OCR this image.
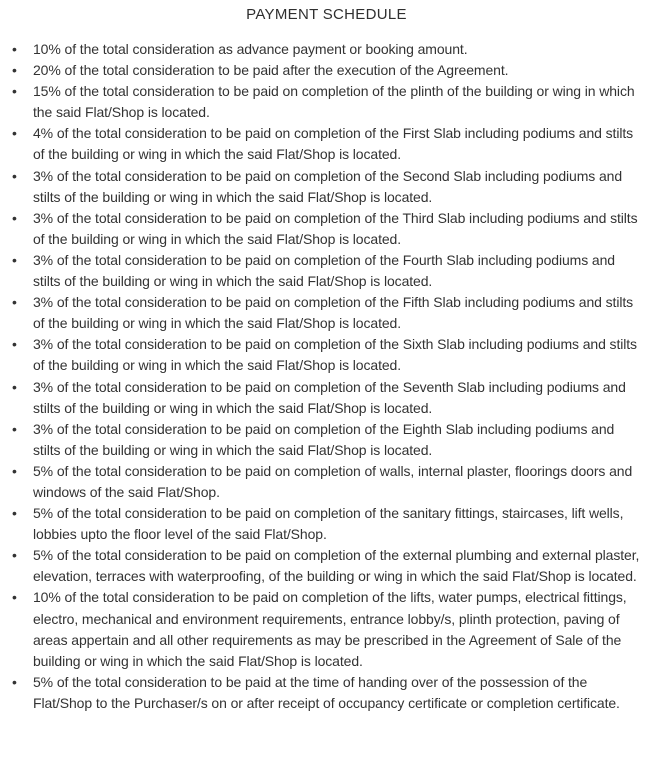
PAYMENT SCHEDULE
•	10% of the total consideration as advance payment or booking amount.
•	20% of the total consideration to be paid after the execution of the Agreement.
•	15% of the total consideration to be paid on completion of the plinth of the building or wing in which the said Flat/Shop is located.
•	4% of the total consideration to be paid on completion of the First Slab including podiums and stilts of the building or wing in which the said Flat/Shop is located.
•	3% of the total consideration to be paid on completion of the Second Slab including podiums and stilts of the building or wing in which the said Flat/Shop is located.
•	3% of the total consideration to be paid on completion of the Third Slab including podiums and stilts of the building or wing in which the said Flat/Shop is located.
•	3% of the total consideration to be paid on completion of the Fourth Slab including podiums and stilts of the building or wing in which the said Flat/Shop is located.
•	3% of the total consideration to be paid on completion of the Fifth Slab including podiums and stilts of the building or wing in which the said Flat/Shop is located.
•	3% of the total consideration to be paid on completion of the Sixth Slab including podiums and stilts of the building or wing in which the said Flat/Shop is located.
•	3% of the total consideration to be paid on completion of the Seventh Slab including podiums and stilts of the building or wing in which the said Flat/Shop is located.
•	3% of the total consideration to be paid on completion of the Eighth Slab including podiums and stilts of the building or wing in which the said Flat/Shop is located.
•	5% of the total consideration to be paid on completion of walls, internal plaster, floorings doors and windows of the said Flat/Shop.
•	5% of the total consideration to be paid on completion of the sanitary fittings, staircases, lift wells, lobbies upto the floor level of the said Flat/Shop.
•	5% of the total consideration to be paid on completion of the external plumbing and external plaster, elevation, terraces with waterproofing, of the building or wing in which the said Flat/Shop is located.
•	10% of the total consideration to be paid on completion of the lifts, water pumps, electrical fittings, electro, mechanical and environment requirements, entrance lobby/s, plinth protection, paving of areas appertain and all other requirements as may be prescribed in the Agreement of Sale of the building or wing in which the said Flat/Shop is located.
•	5% of the total consideration to be paid at the time of handing over of the possession of the Flat/Shop to the Purchaser/s on or after receipt of occupancy certificate or completion certificate.
